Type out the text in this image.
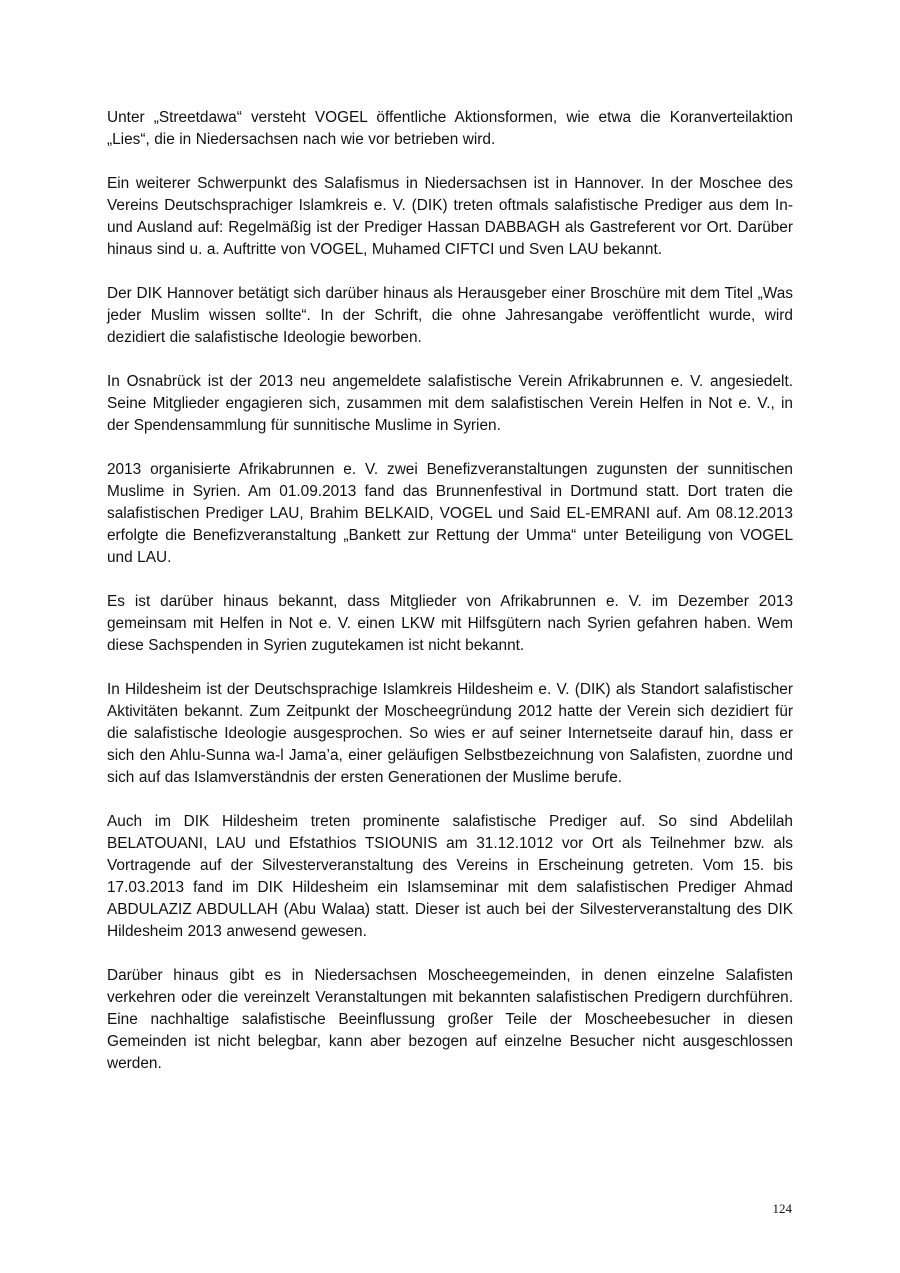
Unter „Streetdawa“ versteht VOGEL öffentliche Aktionsformen, wie etwa die Koranverteilaktion „Lies“, die in Niedersachsen nach wie vor betrieben wird.

Ein weiterer Schwerpunkt des Salafismus in Niedersachsen ist in Hannover. In der Moschee des Vereins Deutschsprachiger Islamkreis e. V. (DIK) treten oftmals salafistische Prediger aus dem In- und Ausland auf: Regelmäßig ist der Prediger Hassan DABBAGH als Gastreferent vor Ort. Darüber hinaus sind u. a. Auftritte von VOGEL, Muhamed CIFTCI und Sven LAU bekannt.

Der DIK Hannover betätigt sich darüber hinaus als Herausgeber einer Broschüre mit dem Titel „Was jeder Muslim wissen sollte“. In der Schrift, die ohne Jahresangabe veröffentlicht wurde, wird dezidiert die salafistische Ideologie beworben.

In Osnabrück ist der 2013 neu angemeldete salafistische Verein Afrikabrunnen e. V. angesiedelt. Seine Mitglieder engagieren sich, zusammen mit dem salafistischen Verein Helfen in Not e. V., in der Spendensammlung für sunnitische Muslime in Syrien.

2013 organisierte Afrikabrunnen e. V. zwei Benefizveranstaltungen zugunsten der sunnitischen Muslime in Syrien. Am 01.09.2013 fand das Brunnenfestival in Dortmund statt. Dort traten die salafistischen Prediger LAU, Brahim BELKAID, VOGEL und Said EL-EMRANI auf. Am 08.12.2013 erfolgte die Benefizveranstaltung „Bankett zur Rettung der Umma“ unter Beteiligung von VOGEL und LAU.

Es ist darüber hinaus bekannt, dass Mitglieder von Afrikabrunnen e. V. im Dezember 2013 gemeinsam mit Helfen in Not e. V. einen LKW mit Hilfsgütern nach Syrien gefahren haben. Wem diese Sachspenden in Syrien zugutekamen ist nicht bekannt.

In Hildesheim ist der Deutschsprachige Islamkreis Hildesheim e. V. (DIK) als Standort salafistischer Aktivitäten bekannt. Zum Zeitpunkt der Moscheegründung 2012 hatte der Verein sich dezidiert für die salafistische Ideologie ausgesprochen. So wies er auf seiner Internetseite darauf hin, dass er sich den Ahlu-Sunna wa-l Jama’a, einer geläufigen Selbstbezeichnung von Salafisten, zuordne und sich auf das Islamverständnis der ersten Generationen der Muslime berufe.

Auch im DIK Hildesheim treten prominente salafistische Prediger auf. So sind Abdelilah BELATOUANI, LAU und Efstathios TSIOUNIS am 31.12.1012 vor Ort als Teilnehmer bzw. als Vortragende auf der Silvesterveranstaltung des Vereins in Erscheinung getreten. Vom 15. bis 17.03.2013 fand im DIK Hildesheim ein Islamseminar mit dem salafistischen Prediger Ahmad ABDULAZIZ ABDULLAH (Abu Walaa) statt. Dieser ist auch bei der Silvesterveranstaltung des DIK Hildesheim 2013 anwesend gewesen.

Darüber hinaus gibt es in Niedersachsen Moscheegemeinden, in denen einzelne Salafisten verkehren oder die vereinzelt Veranstaltungen mit bekannten salafistischen Predigern durchführen. Eine nachhaltige salafistische Beeinflussung großer Teile der Moscheebesucher in diesen Gemeinden ist nicht belegbar, kann aber bezogen auf einzelne Besucher nicht ausgeschlossen werden.

124
